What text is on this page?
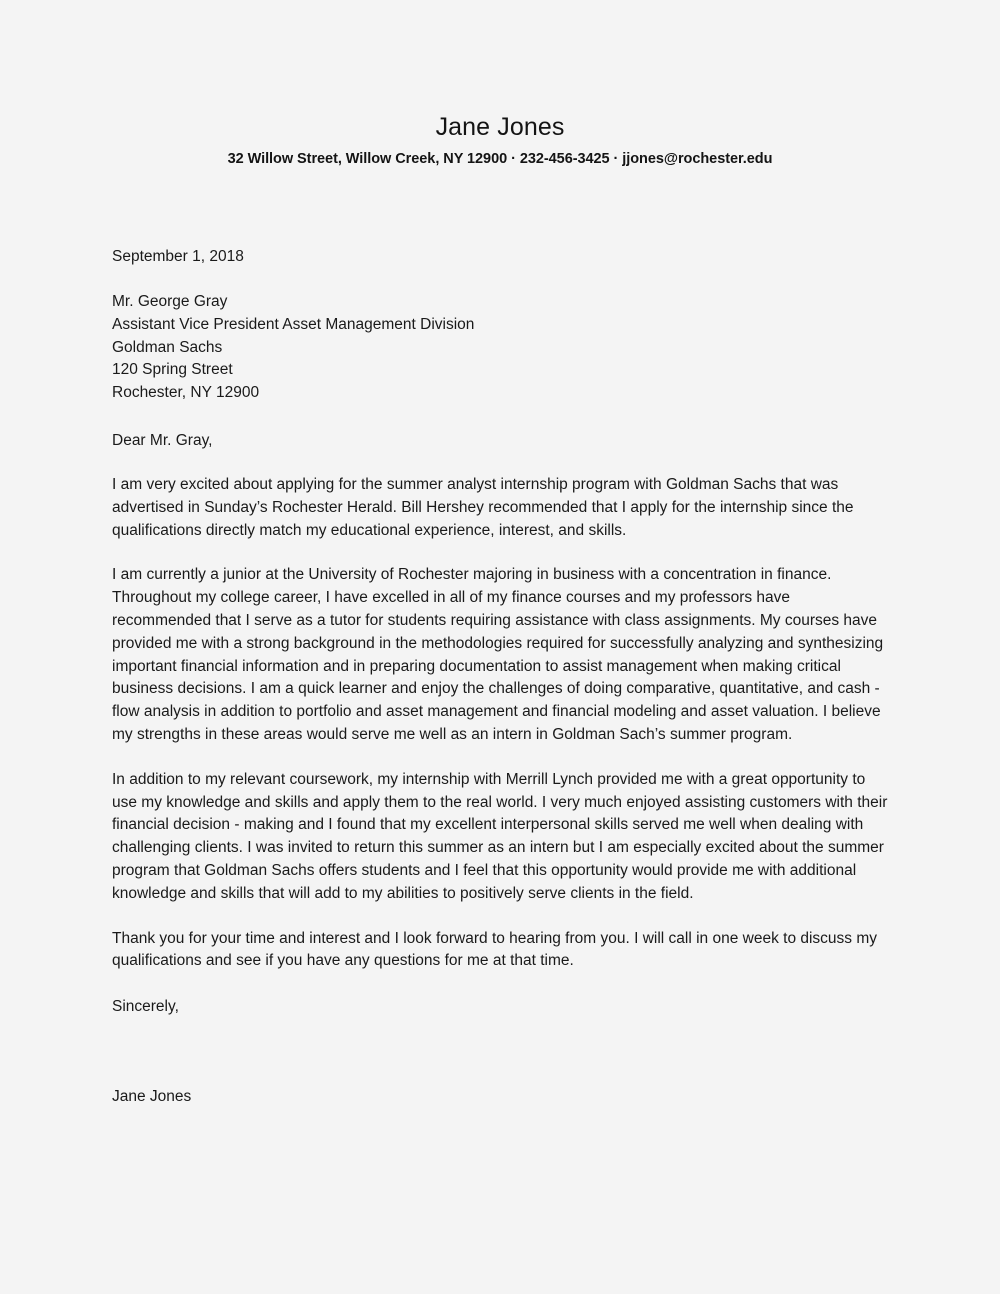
Jane Jones

32 Willow Street, Willow Creek, NY 12900 · 232-456-3425 · jjones@rochester.edu

September 1, 2018

Mr. George Gray

Assistant Vice President Asset Management Division

Goldman Sachs

120 Spring Street

Rochester, NY 12900

Dear Mr. Gray,

I am very excited about applying for the summer analyst internship program with Goldman Sachs that was advertised in Sunday’s Rochester Herald. Bill Hershey recommended that I apply for the internship since the qualifications directly match my educational experience, interest, and skills.

I am currently a junior at the University of Rochester majoring in business with a concentration in finance. Throughout my college career, I have excelled in all of my finance courses and my professors have recommended that I serve as a tutor for students requiring assistance with class assignments. My courses have provided me with a strong background in the methodologies required for successfully analyzing and synthesizing important financial information and in preparing documentation to assist management when making critical business decisions. I am a quick learner and enjoy the challenges of doing comparative, quantitative, and cash - flow analysis in addition to portfolio and asset management and financial modeling and asset valuation. I believe my strengths in these areas would serve me well as an intern in Goldman Sach’s summer program.

In addition to my relevant coursework, my internship with Merrill Lynch provided me with a great opportunity to use my knowledge and skills and apply them to the real world. I very much enjoyed assisting customers with their financial decision - making and I found that my excellent interpersonal skills served me well when dealing with challenging clients. I was invited to return this summer as an intern but I am especially excited about the summer program that Goldman Sachs offers students and I feel that this opportunity would provide me with additional knowledge and skills that will add to my abilities to positively serve clients in the field.

Thank you for your time and interest and I look forward to hearing from you. I will call in one week to discuss my qualifications and see if you have any questions for me at that time.

Sincerely,

Jane Jones
